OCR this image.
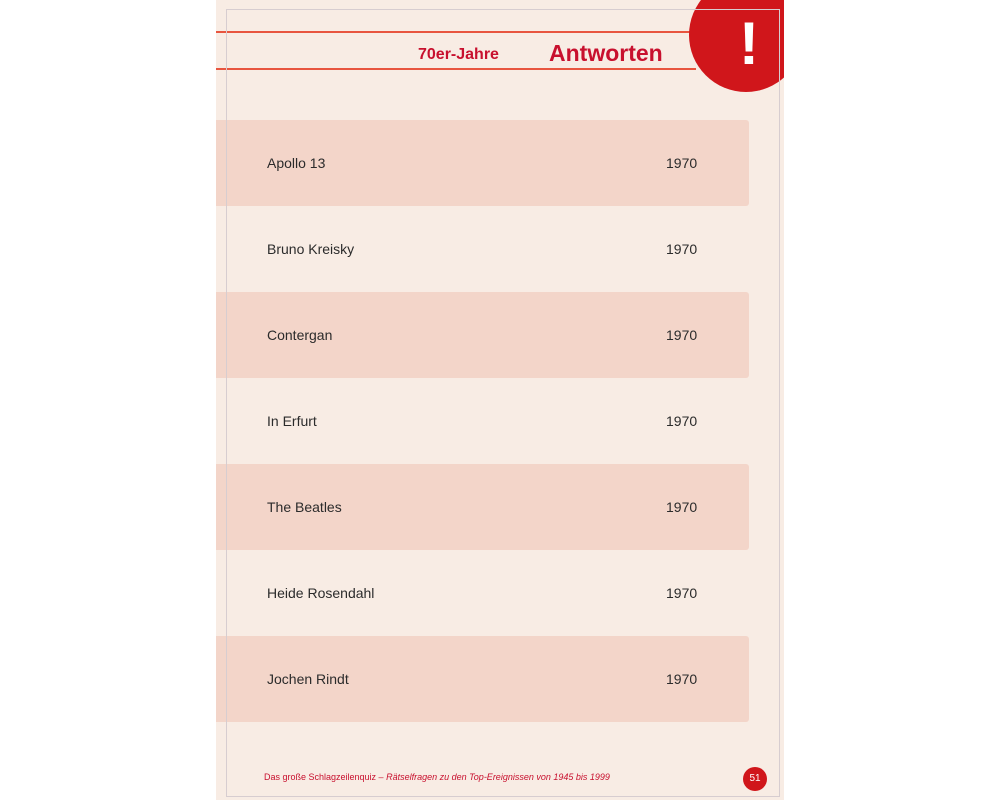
70er-Jahre Antworten !
Apollo 13	1970
Bruno Kreisky	1970
Contergan	1970
In Erfurt	1970
The Beatles	1970
Heide Rosendahl	1970
Jochen Rindt	1970
Das große Schlagzeilenquiz – Rätselfragen zu den Top-Ereignissen von 1945 bis 1999	51
